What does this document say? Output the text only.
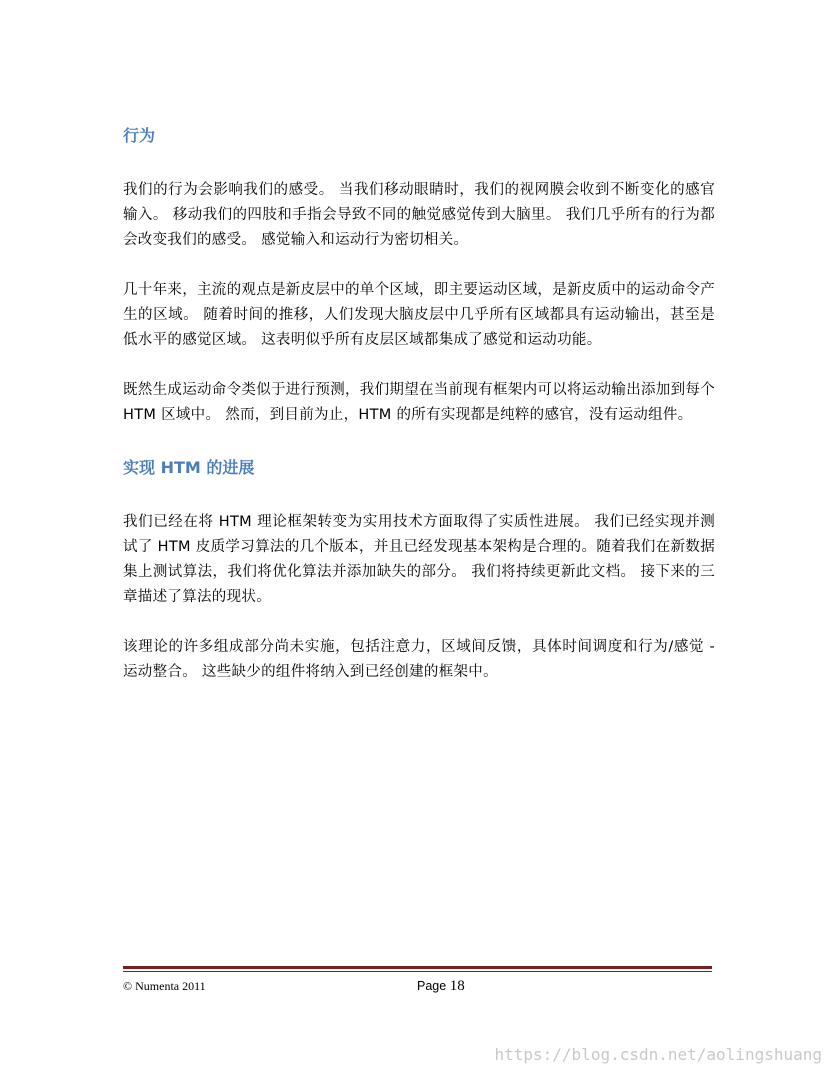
行为

我们的行为会影响我们的感受。 当我们移动眼睛时，我们的视网膜会收到不断变化的感官输入。 移动我们的四肢和手指会导致不同的触觉感觉传到大脑里。 我们几乎所有的行为都会改变我们的感受。 感觉输入和运动行为密切相关。

几十年来，主流的观点是新皮层中的单个区域，即主要运动区域，是新皮质中的运动命令产生的区域。 随着时间的推移，人们发现大脑皮层中几乎所有区域都具有运动输出，甚至是低水平的感觉区域。 这表明似乎所有皮层区域都集成了感觉和运动功能。

既然生成运动命令类似于进行预测，我们期望在当前现有框架内可以将运动输出添加到每个 HTM 区域中。 然而，到目前为止，HTM 的所有实现都是纯粹的感官，没有运动组件。

实现 HTM 的进展

我们已经在将 HTM 理论框架转变为实用技术方面取得了实质性进展。 我们已经实现并测试了 HTM 皮质学习算法的几个版本，并且已经发现基本架构是合理的。随着我们在新数据集上测试算法，我们将优化算法并添加缺失的部分。 我们将持续更新此文档。 接下来的三章描述了算法的现状。

该理论的许多组成部分尚未实施，包括注意力，区域间反馈，具体时间调度和行为/感觉 - 运动整合。 这些缺少的组件将纳入到已经创建的框架中。

© Numenta 2011	Page 18
https://blog.csdn.net/aolingshuang
